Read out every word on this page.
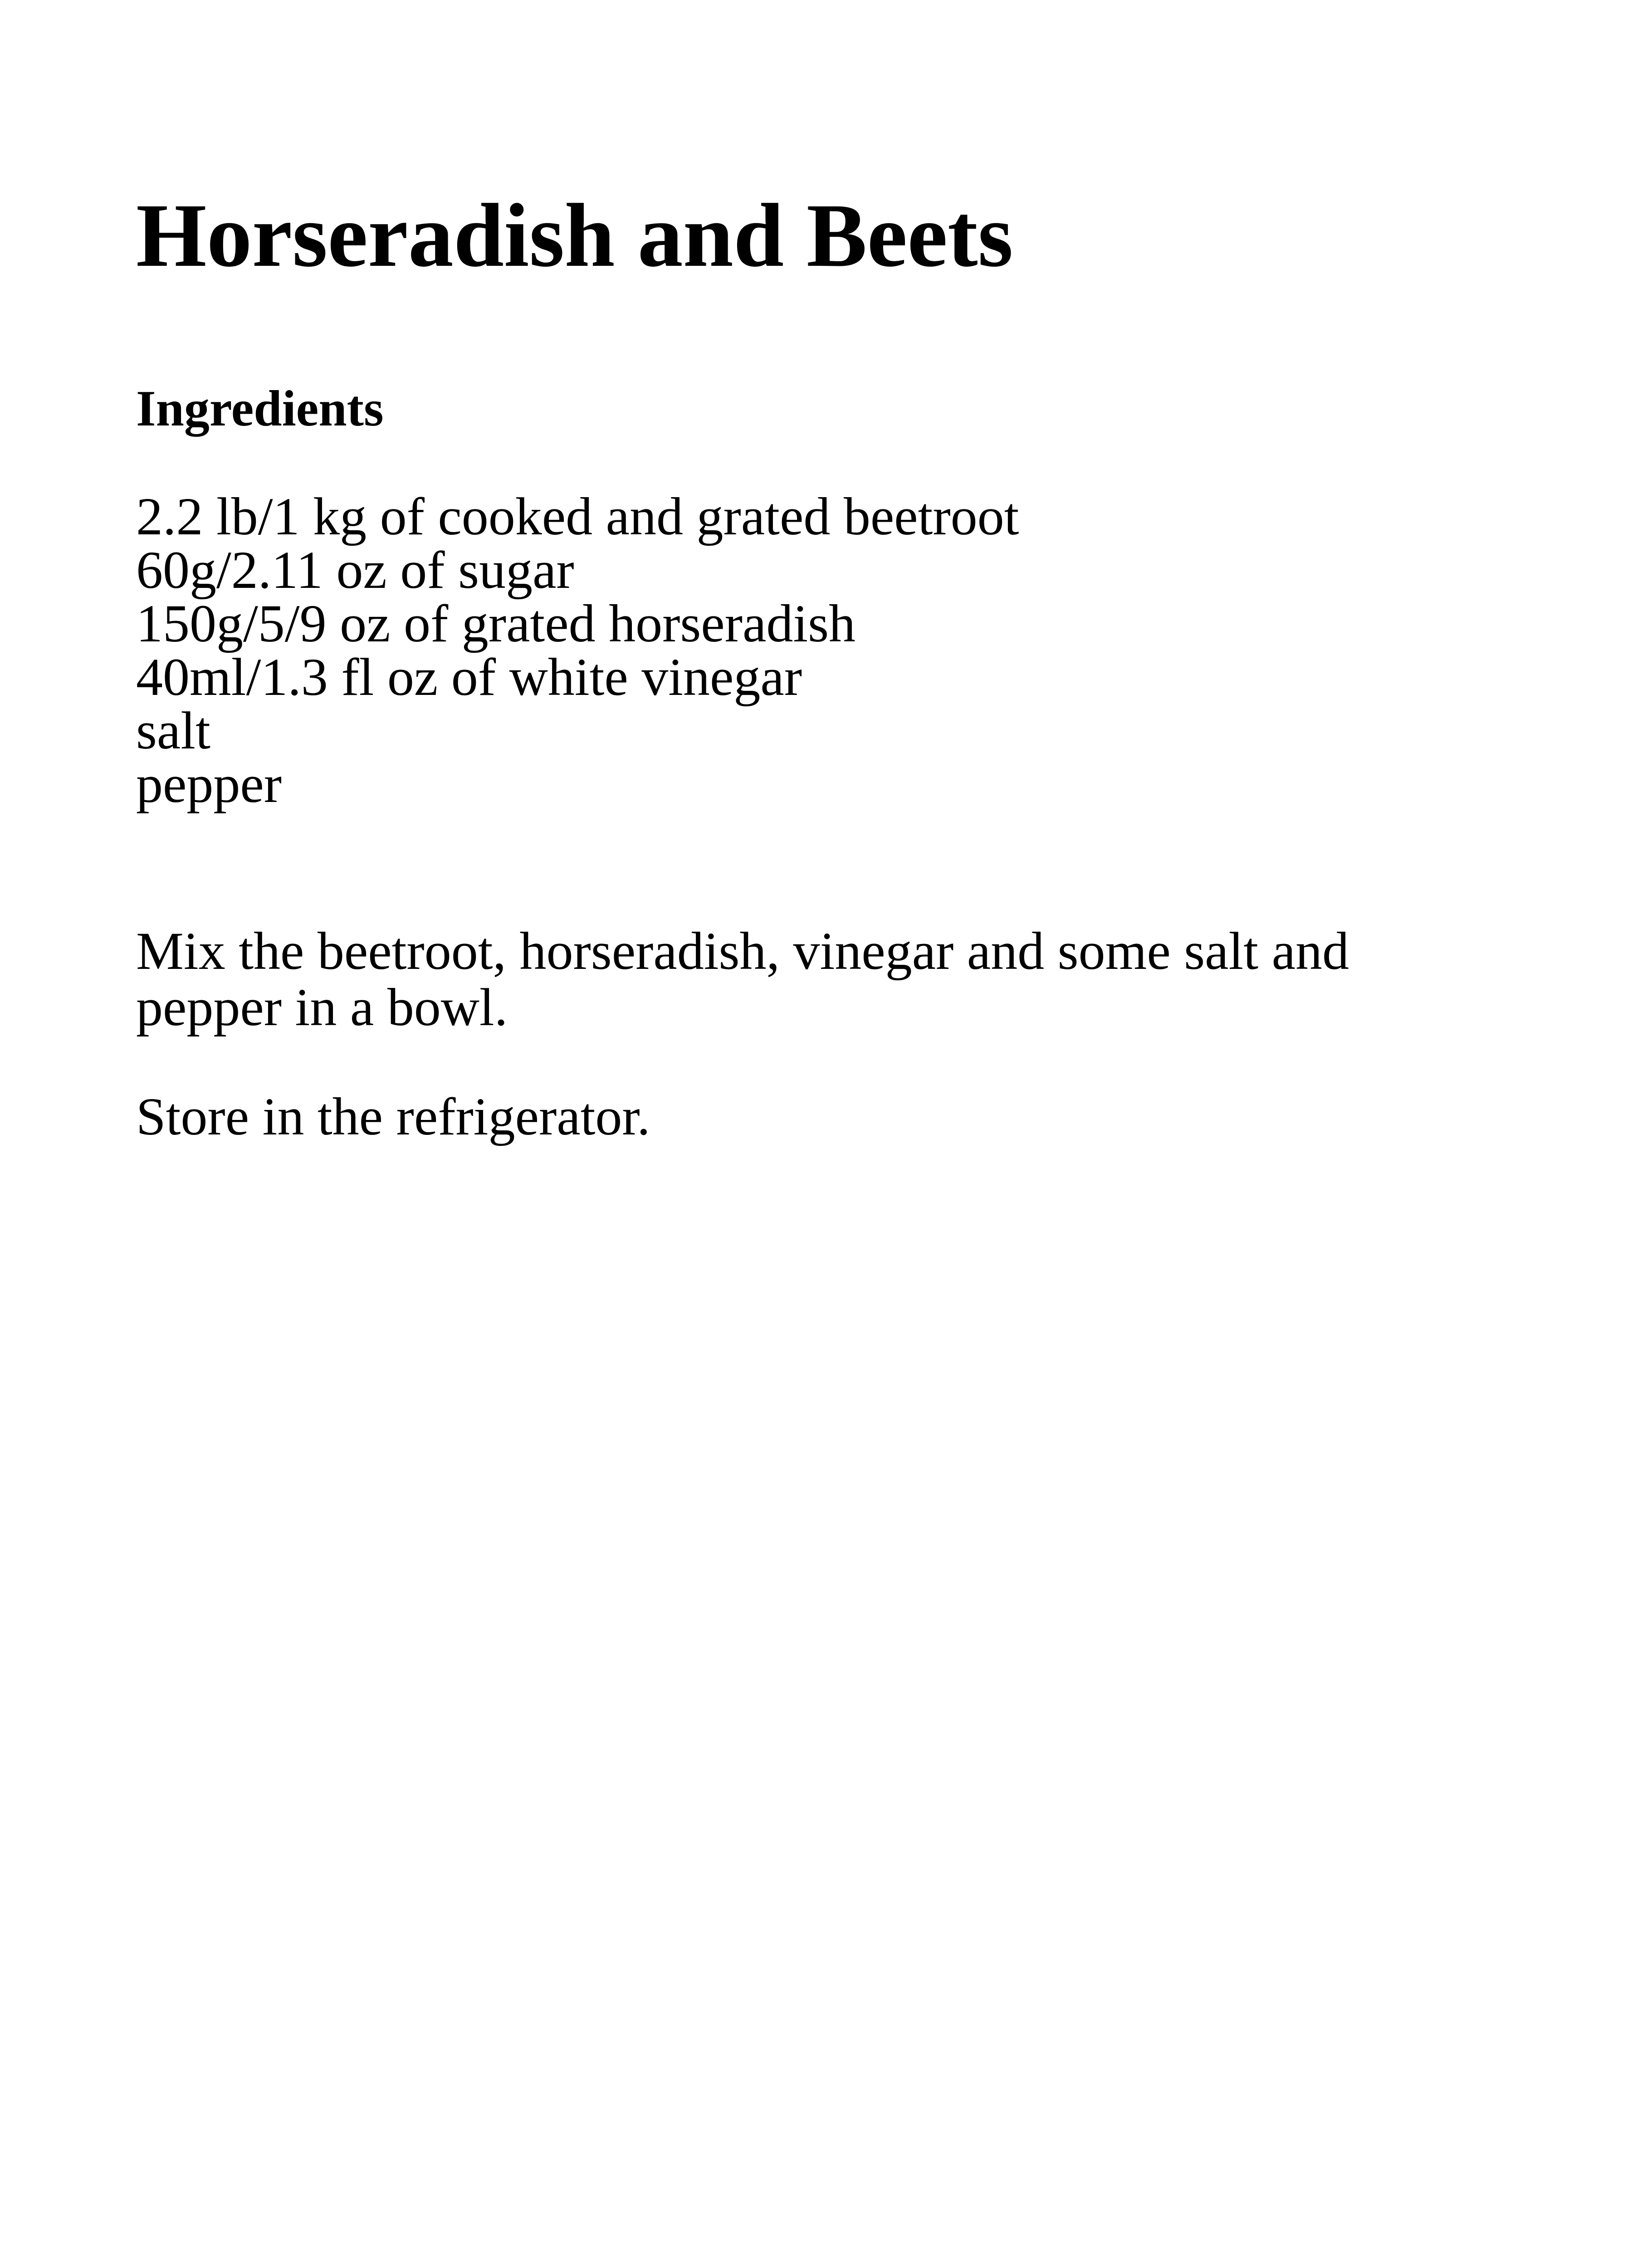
Horseradish and Beets
Ingredients
2.2 lb/1 kg of cooked and grated beetroot
60g/2.11 oz of sugar
150g/5/9 oz of grated horseradish
40ml/1.3 fl oz of white vinegar
salt
pepper

Mix the beetroot, horseradish, vinegar and some salt and pepper in a bowl.

Store in the refrigerator.
